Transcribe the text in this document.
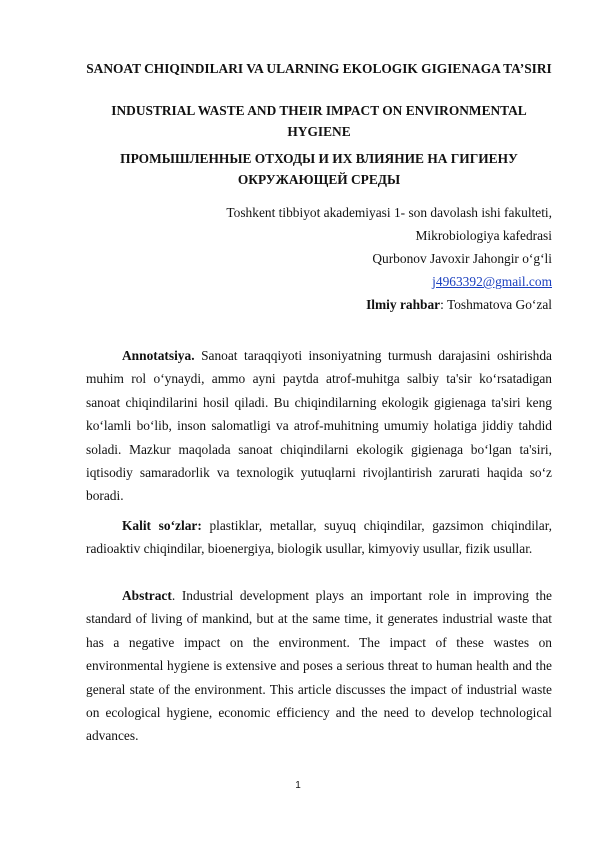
SANOAT CHIQINDILARI VA ULARNING EKOLOGIK GIGIENAGA TA’SIRI
INDUSTRIAL WASTE AND THEIR IMPACT ON ENVIRONMENTAL HYGIENE
ПРОМЫШЛЕННЫЕ ОТХОДЫ И ИХ ВЛИЯНИЕ НА ГИГИЕНУ ОКРУЖАЮЩЕЙ СРЕДЫ
Toshkent tibbiyot akademiyasi 1- son davolash ishi fakulteti,
Mikrobiologiya kafedrasi
Qurbonov Javoxir Jahongir o‘g‘li
j4963392@gmail.com
Ilmiy rahbar: Toshmatova Go‘zal

Annotatsiya. Sanoat taraqqiyoti insoniyatning turmush darajasini oshirishda muhim rol o‘ynaydi, ammo ayni paytda atrof-muhitga salbiy ta'sir ko‘rsatadigan sanoat chiqindilarini hosil qiladi. Bu chiqindilarning ekologik gigienaga ta'siri keng ko‘lamli bo‘lib, inson salomatligi va atrof-muhitning umumiy holatiga jiddiy tahdid soladi. Mazkur maqolada sanoat chiqindilarni ekologik gigienaga bo‘lgan ta'siri, iqtisodiy samaradorlik va texnologik yutuqlarni rivojlantirish zarurati haqida so‘z boradi.

Kalit so‘zlar: plastiklar, metallar, suyuq chiqindilar, gazsimon chiqindilar, radioaktiv chiqindilar, bioenergiya, biologik usullar, kimyoviy usullar, fizik usullar.

Abstract. Industrial development plays an important role in improving the standard of living of mankind, but at the same time, it generates industrial waste that has a negative impact on the environment. The impact of these wastes on environmental hygiene is extensive and poses a serious threat to human health and the general state of the environment. This article discusses the impact of industrial waste on ecological hygiene, economic efficiency and the need to develop technological advances.

1
